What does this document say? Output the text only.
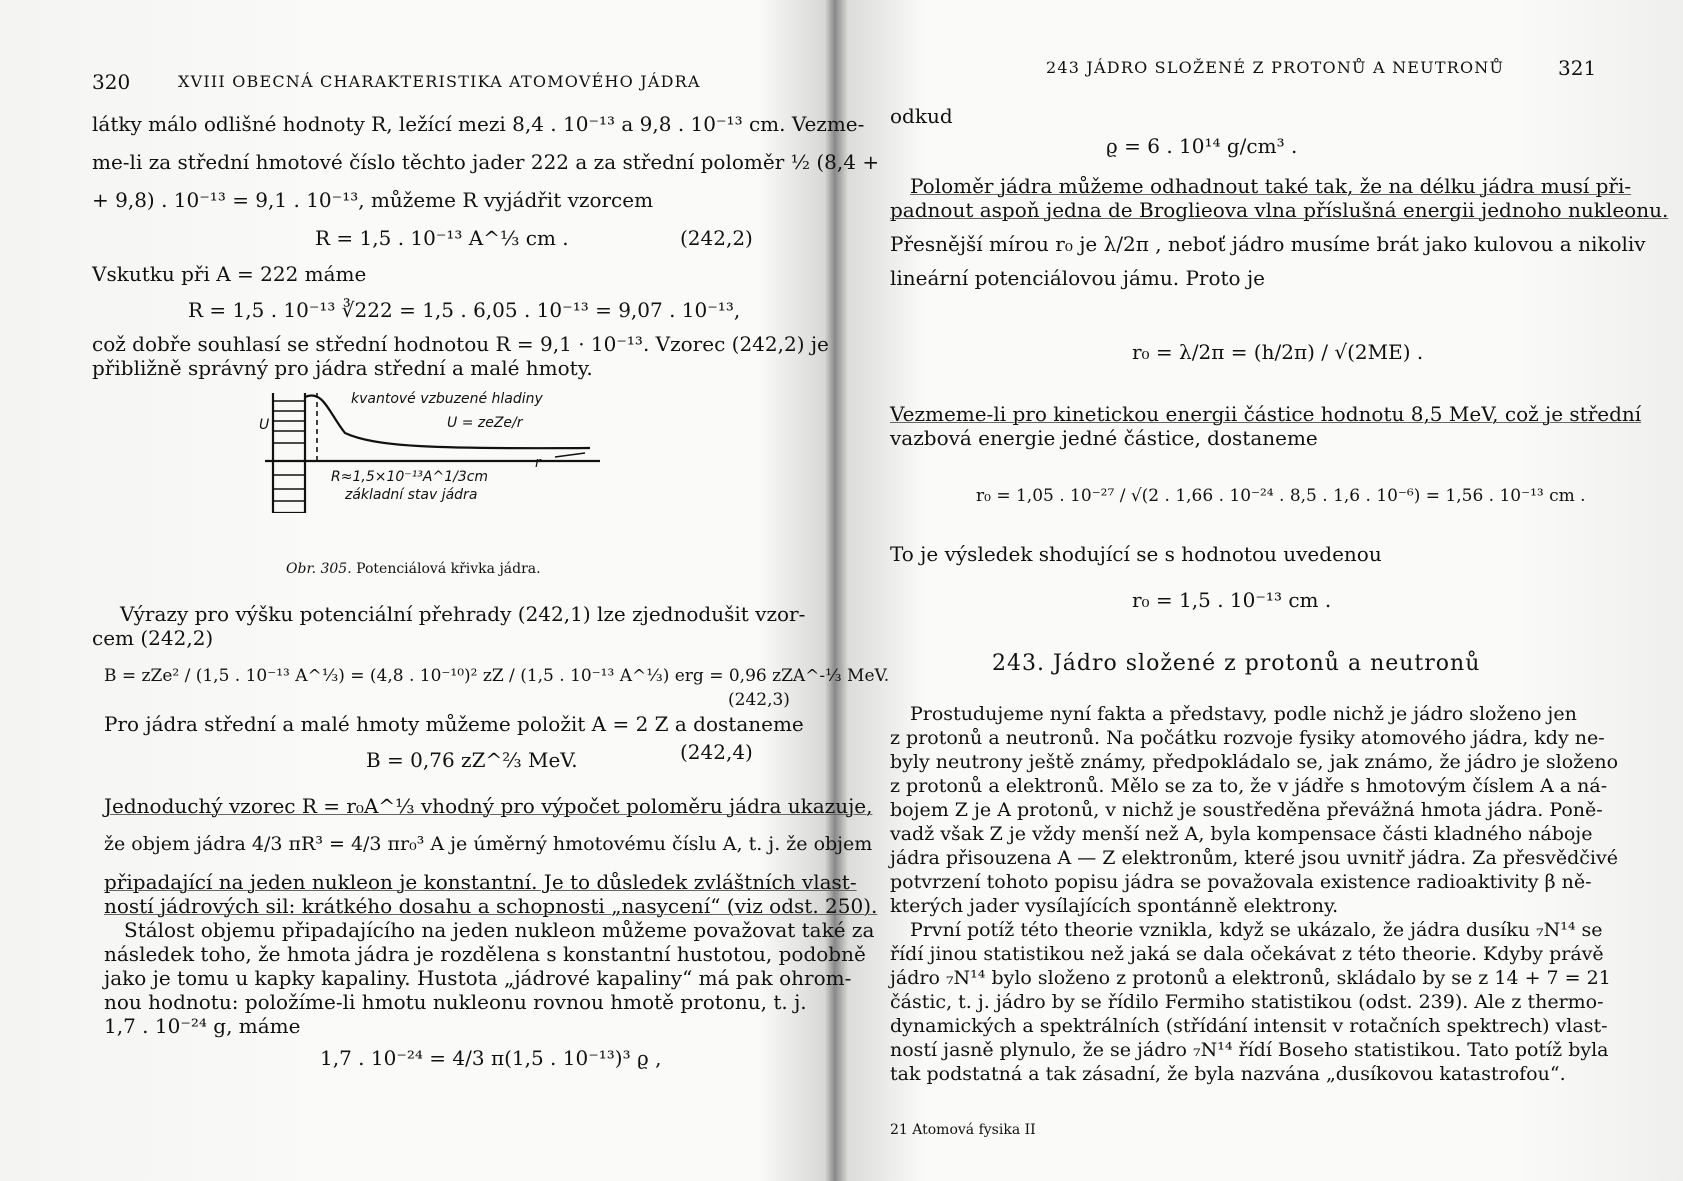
320	XVIII OBECNÁ CHARAKTERISTIKA ATOMOVÉHO JÁDRA
látky málo odlišné hodnoty R, ležící mezi 8,4 . 10⁻¹³ a 9,8 . 10⁻¹³ cm. Vezme-
me-li za střední hmotové číslo těchto jader 222 a za střední poloměr ½ (8,4 +
+ 9,8) . 10⁻¹³ = 9,1 . 10⁻¹³, můžeme R vyjádřit vzorcem
R = 1,5 . 10⁻¹³ A^⅓ cm .	(242,2)
Vskutku při A = 222 máme
R = 1,5 . 10⁻¹³ ∛222 = 1,5 . 6,05 . 10⁻¹³ = 9,07 . 10⁻¹³,
což dobře souhlasí se střední hodnotou R = 9,1 · 10⁻¹³. Vzorec (242,2) je
přibližně správný pro jádra střední a malé hmoty.
kvantové vzbuzené hladiny
U = zeZe/r
U
r
R≈1,5×10⁻¹³A^1/3cm
základní stav jádra
Obr. 305. Potenciálová křivka jádra.
Výrazy pro výšku potenciální přehrady (242,1) lze zjednodušit vzor-
cem (242,2)
B = zZe² / (1,5 . 10⁻¹³ A^⅓) = (4,8 . 10⁻¹⁰)² zZ / (1,5 . 10⁻¹³ A^⅓) erg = 0,96 zZA^-⅓ MeV.
(242,3)
Pro jádra střední a malé hmoty můžeme položit A = 2 Z a dostaneme
B = 0,76 zZ^⅔ MeV.	(242,4)
Jednoduchý vzorec R = r₀A^⅓ vhodný pro výpočet poloměru jádra ukazuje,
že objem jádra 4/3 πR³ = 4/3 πr₀³ A je úměrný hmotovému číslu A, t. j. že objem
připadající na jeden nukleon je konstantní. Je to důsledek zvláštních vlast-
ností jádrových sil: krátkého dosahu a schopnosti „nasycení“ (viz odst. 250).
Stálost objemu připadajícího na jeden nukleon můžeme považovat také za
následek toho, že hmota jádra je rozdělena s konstantní hustotou, podobně
jako je tomu u kapky kapaliny. Hustota „jádrové kapaliny“ má pak ohrom-
nou hodnotu: položíme-li hmotu nukleonu rovnou hmotě protonu, t. j.
1,7 . 10⁻²⁴ g, máme
1,7 . 10⁻²⁴ = 4/3 π(1,5 . 10⁻¹³)³ ϱ ,
243 JÁDRO SLOŽENÉ Z PROTONŮ A NEUTRONŮ	321
odkud
ϱ = 6 . 10¹⁴ g/cm³ .
Poloměr jádra můžeme odhadnout také tak, že na délku jádra musí při-
padnout aspoň jedna de Broglieova vlna příslušná energii jednoho nukleonu.
Přesnější mírou r₀ je λ/2π , neboť jádro musíme brát jako kulovou a nikoliv
lineární potenciálovou jámu. Proto je
r₀ = λ/2π = (h/2π) / √(2ME) .
Vezmeme-li pro kinetickou energii částice hodnotu 8,5 MeV, což je střední
vazbová energie jedné částice, dostaneme
r₀ = 1,05 . 10⁻²⁷ / √(2 . 1,66 . 10⁻²⁴ . 8,5 . 1,6 . 10⁻⁶) = 1,56 . 10⁻¹³ cm .
To je výsledek shodující se s hodnotou uvedenou
r₀ = 1,5 . 10⁻¹³ cm .
243. Jádro složené z protonů a neutronů
Prostudujeme nyní fakta a představy, podle nichž je jádro složeno jen
z protonů a neutronů. Na počátku rozvoje fysiky atomového jádra, kdy ne-
byly neutrony ještě známy, předpokládalo se, jak známo, že jádro je složeno
z protonů a elektronů. Mělo se za to, že v jádře s hmotovým číslem A a ná-
bojem Z je A protonů, v nichž je soustředěna převážná hmota jádra. Poně-
vadž však Z je vždy menší než A, byla kompensace části kladného náboje
jádra přisouzena A — Z elektronům, které jsou uvnitř jádra. Za přesvědčivé
potvrzení tohoto popisu jádra se považovala existence radioaktivity β ně-
kterých jader vysílajících spontánně elektrony.
První potíž této theorie vznikla, když se ukázalo, že jádra dusíku ₇N¹⁴ se
řídí jinou statistikou než jaká se dala očekávat z této theorie. Kdyby právě
jádro ₇N¹⁴ bylo složeno z protonů a elektronů, skládalo by se z 14 + 7 = 21
částic, t. j. jádro by se řídilo Fermiho statistikou (odst. 239). Ale z thermo-
dynamických a spektrálních (střídání intensit v rotačních spektrech) vlast-
ností jasně plynulo, že se jádro ₇N¹⁴ řídí Boseho statistikou. Tato potíž byla
tak podstatná a tak zásadní, že byla nazvána „dusíkovou katastrofou“.
21 Atomová fysika II
